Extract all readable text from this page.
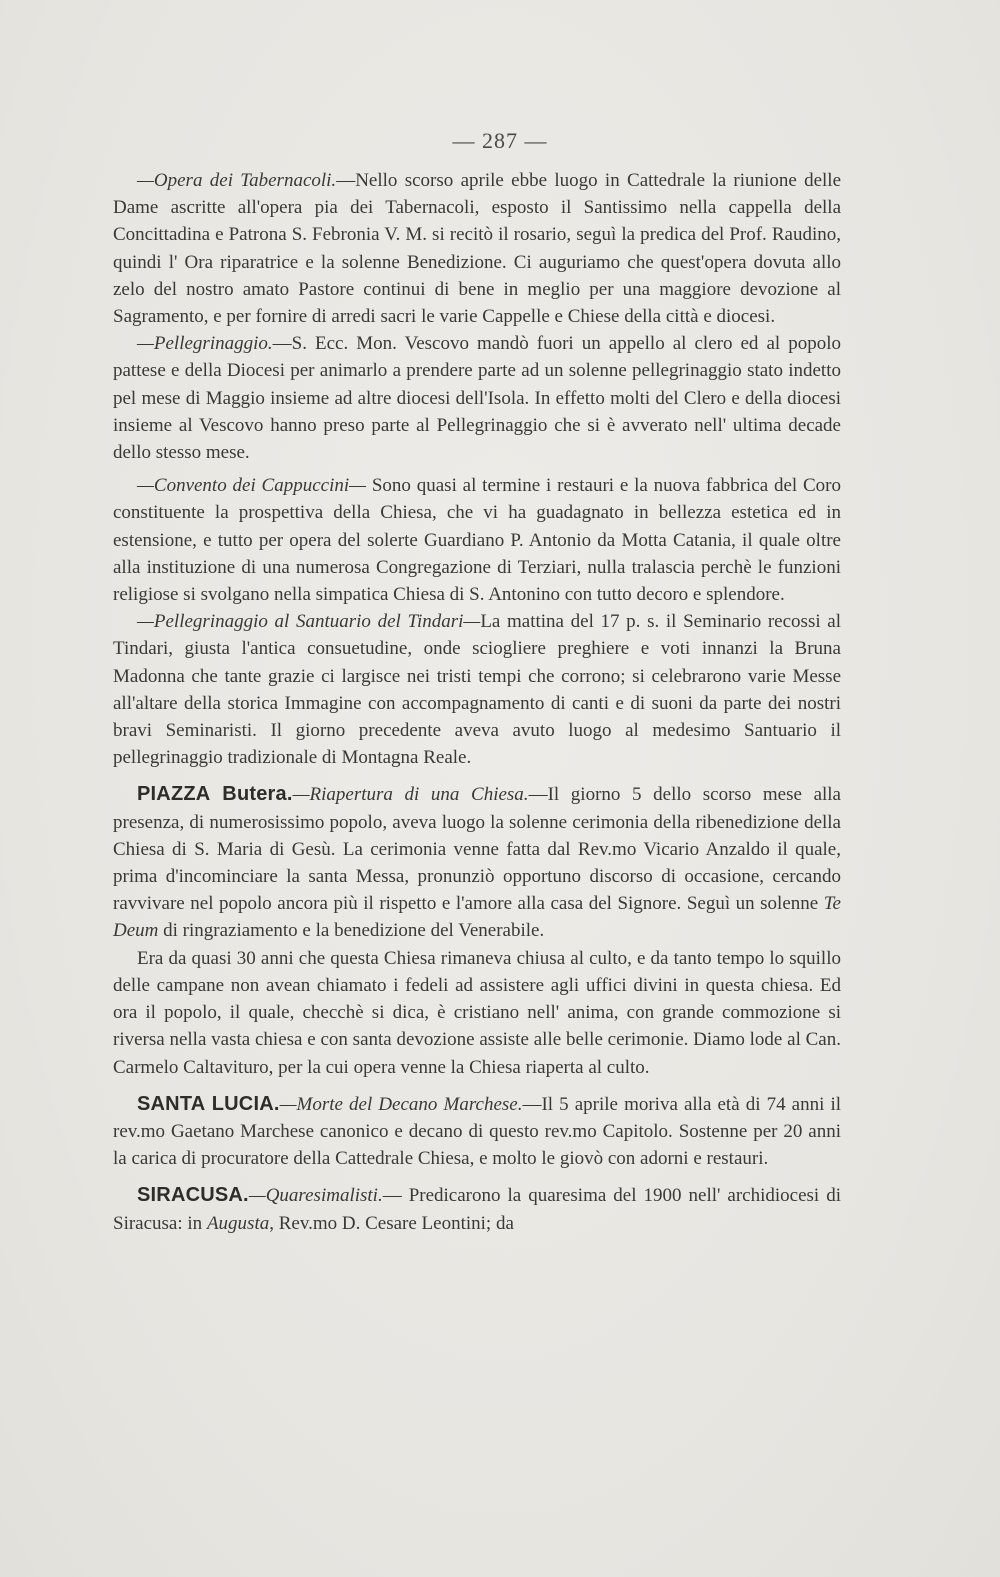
— 287 —

—Opera dei Tabernacoli.—Nello scorso aprile ebbe luogo in Cattedrale la riunione delle Dame ascritte all'opera pia dei Tabernacoli, esposto il Santissimo nella cappella della Concittadina e Patrona S. Febronia V. M. si recitò il rosario, seguì la predica del Prof. Raudino, quindi l' Ora riparatrice e la solenne Benedizione. Ci auguriamo che quest'opera dovuta allo zelo del nostro amato Pastore continui di bene in meglio per una maggiore devozione al Sagramento, e per fornire di arredi sacri le varie Cappelle e Chiese della città e diocesi.

—Pellegrinaggio.—S. Ecc. Mon. Vescovo mandò fuori un appello al clero ed al popolo pattese e della Diocesi per animarlo a prendere parte ad un solenne pellegrinaggio stato indetto pel mese di Maggio insieme ad altre diocesi dell'Isola. In effetto molti del Clero e della diocesi insieme al Vescovo hanno preso parte al Pellegrinaggio che si è avverato nell' ultima decade dello stesso mese.

—Convento dei Cappuccini— Sono quasi al termine i restauri e la nuova fabbrica del Coro constituente la prospettiva della Chiesa, che vi ha guadagnato in bellezza estetica ed in estensione, e tutto per opera del solerte Guardiano P. Antonio da Motta Catania, il quale oltre alla instituzione di una numerosa Congregazione di Terziari, nulla tralascia perchè le funzioni religiose si svolgano nella simpatica Chiesa di S. Antonino con tutto decoro e splendore.

—Pellegrinaggio al Santuario del Tindari—La mattina del 17 p. s. il Seminario recossi al Tindari, giusta l'antica consuetudine, onde sciogliere preghiere e voti innanzi la Bruna Madonna che tante grazie ci largisce nei tristi tempi che corrono; si celebrarono varie Messe all'altare della storica Immagine con accompagnamento di canti e di suoni da parte dei nostri bravi Seminaristi. Il giorno precedente aveva avuto luogo al medesimo Santuario il pellegrinaggio tradizionale di Montagna Reale.

PIAZZA Butera.—Riapertura di una Chiesa.—Il giorno 5 dello scorso mese alla presenza, di numerosissimo popolo, aveva luogo la solenne cerimonia della ribenedizione della Chiesa di S. Maria di Gesù. La cerimonia venne fatta dal Rev.mo Vicario Anzaldo il quale, prima d'incominciare la santa Messa, pronunziò opportuno discorso di occasione, cercando ravvivare nel popolo ancora più il rispetto e l'amore alla casa del Signore. Seguì un solenne Te Deum di ringraziamento e la benedizione del Venerabile.

Era da quasi 30 anni che questa Chiesa rimaneva chiusa al culto, e da tanto tempo lo squillo delle campane non avean chiamato i fedeli ad assistere agli uffici divini in questa chiesa. Ed ora il popolo, il quale, checchè si dica, è cristiano nell' anima, con grande commozione si riversa nella vasta chiesa e con santa devozione assiste alle belle cerimonie. Diamo lode al Can. Carmelo Caltavituro, per la cui opera venne la Chiesa riaperta al culto.

SANTA LUCIA.—Morte del Decano Marchese.—Il 5 aprile moriva alla età di 74 anni il rev.mo Gaetano Marchese canonico e decano di questo rev.mo Capitolo. Sostenne per 20 anni la carica di procuratore della Cattedrale Chiesa, e molto le giovò con adorni e restauri.

SIRACUSA.—Quaresimalisti.— Predicarono la quaresima del 1900 nell' archidiocesi di Siracusa: in Augusta, Rev.mo D. Cesare Leontini; da
